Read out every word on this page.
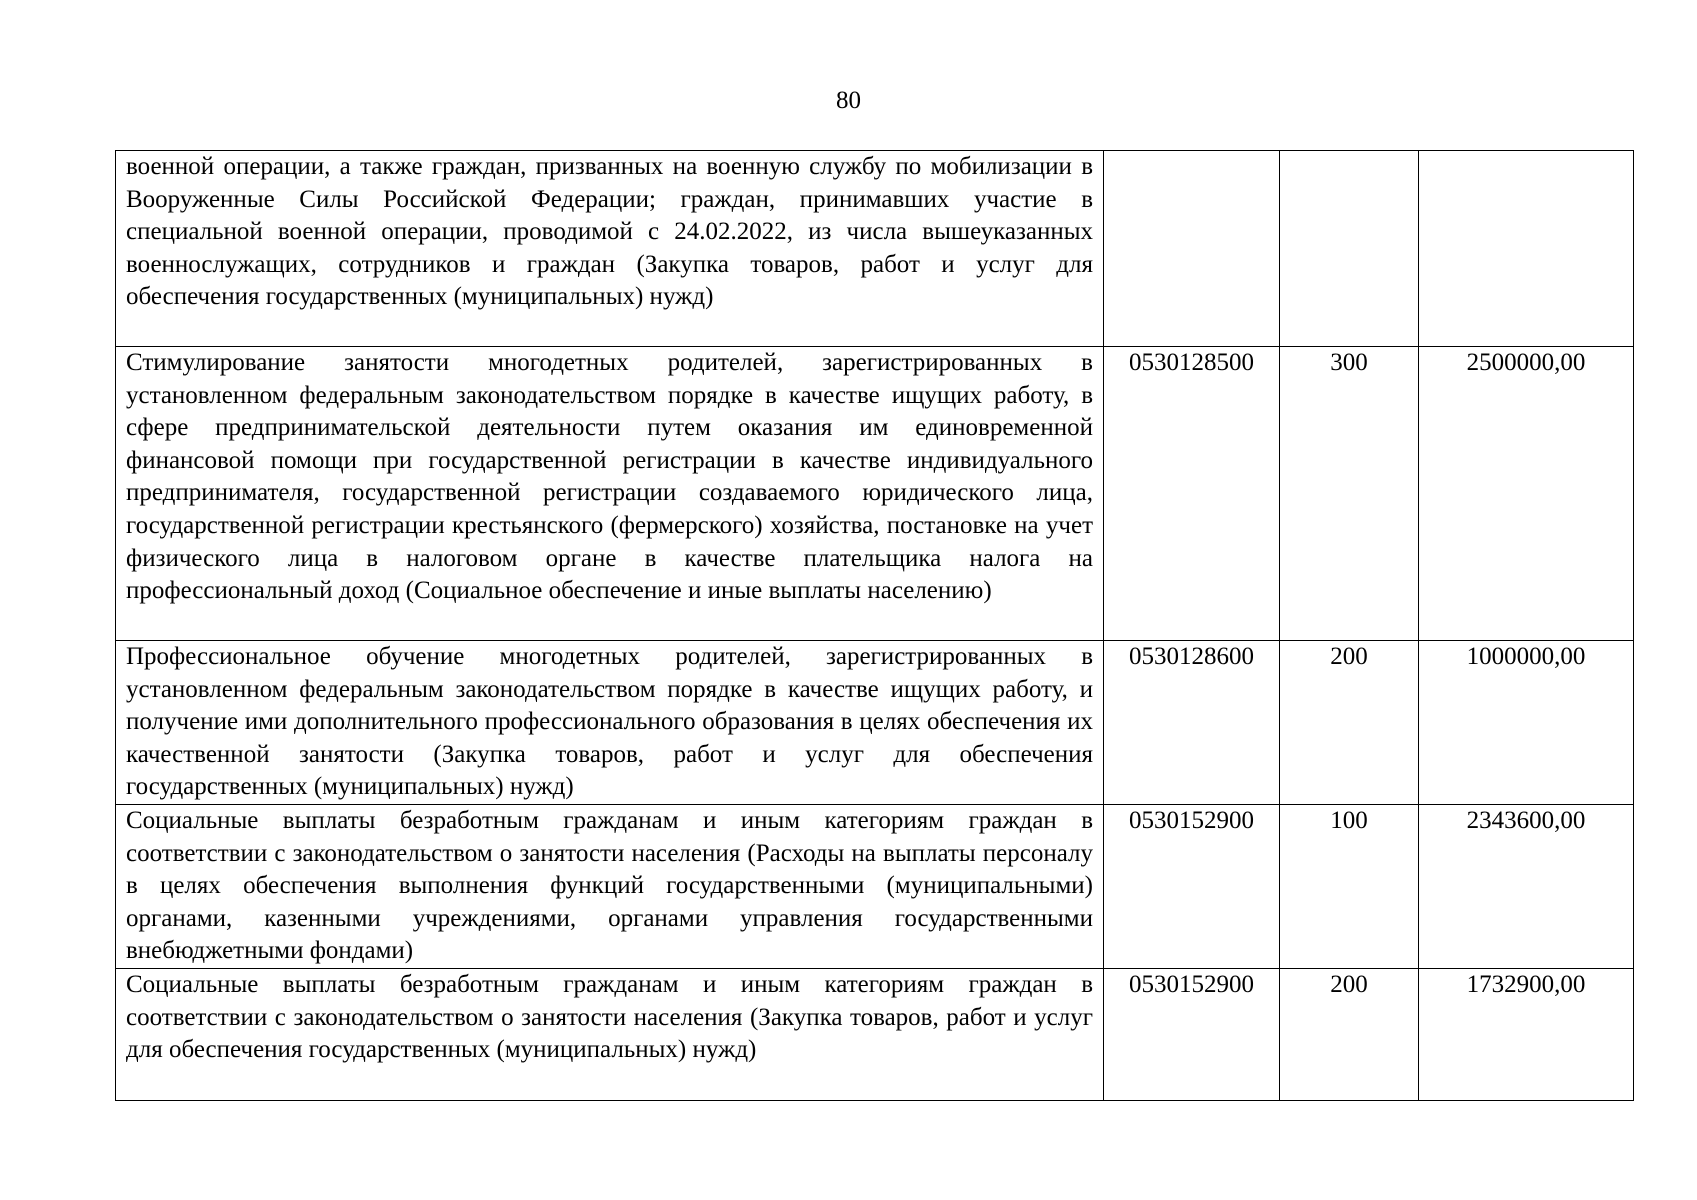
80
военной операции, а также граждан, призванных на военную службу по мобилизации в Вооруженные Силы Российской Федерации; граждан, принимавших участие в специальной военной операции, проводимой с 24.02.2022, из числа вышеуказанных военнослужащих, сотрудников и граждан (Закупка товаров, работ и услуг для обеспечения государственных (муниципальных) нужд)			
Стимулирование занятости многодетных родителей, зарегистрированных в установленном федеральным законодательством порядке в качестве ищущих работу, в сфере предпринимательской деятельности путем оказания им единовременной финансовой помощи при государственной регистрации в качестве индивидуального предпринимателя, государственной регистрации создаваемого юридического лица, государственной регистрации крестьянского (фермерского) хозяйства, постановке на учет физического лица в налоговом органе в качестве плательщика налога на профессиональный доход (Социальное обеспечение и иные выплаты населению)	0530128500	300	2500000,00
Профессиональное обучение многодетных родителей, зарегистрированных в установленном федеральным законодательством порядке в качестве ищущих работу, и получение ими дополнительного профессионального образования в целях обеспечения их качественной занятости (Закупка товаров, работ и услуг для обеспечения государственных (муниципальных) нужд)	0530128600	200	1000000,00
Социальные выплаты безработным гражданам и иным категориям граждан в соответствии с законодательством о занятости населения (Расходы на выплаты персоналу в целях обеспечения выполнения функций государственными (муниципальными) органами, казенными учреждениями, органами управления государственными внебюджетными фондами)	0530152900	100	2343600,00
Социальные выплаты безработным гражданам и иным категориям граждан в соответствии с законодательством о занятости населения (Закупка товаров, работ и услуг для обеспечения государственных (муниципальных) нужд)	0530152900	200	1732900,00
